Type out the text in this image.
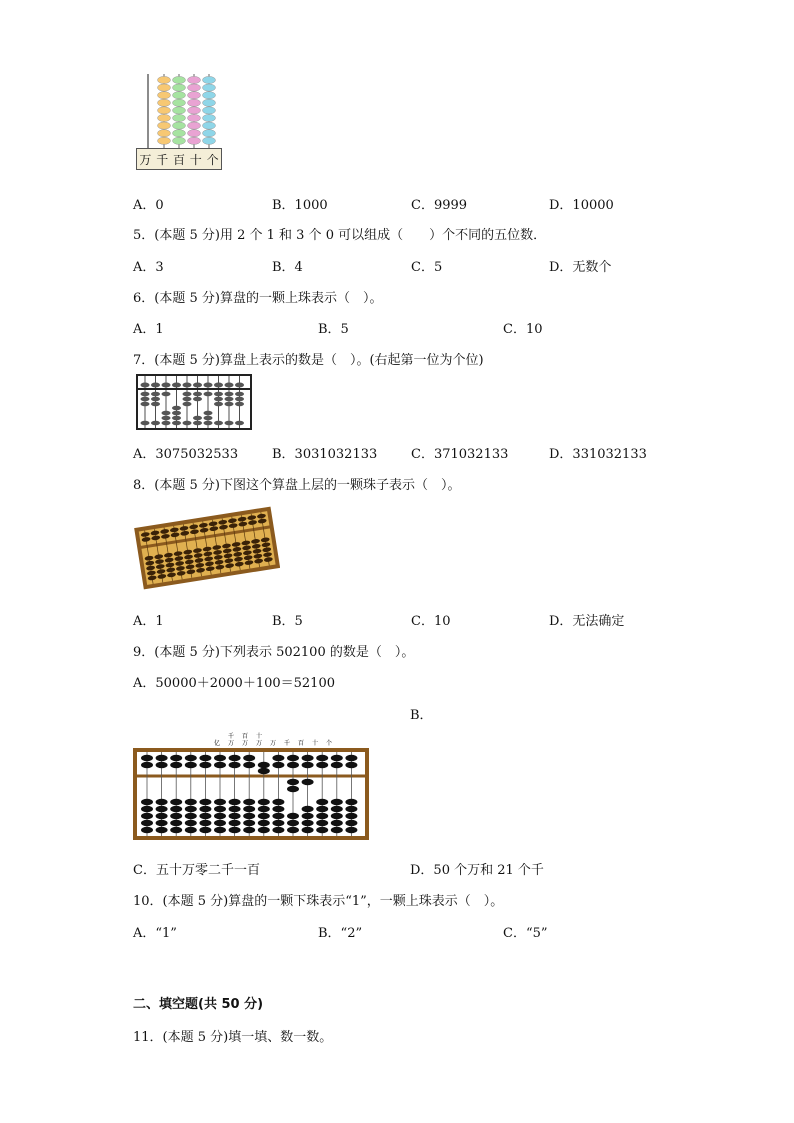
万 千 百 十 个
A．0	B．1000	C．9999	D．10000
5．(本题 5 分)用 2 个 1 和 3 个 0 可以组成（　　）个不同的五位数．
A．3	B．4	C．5	D．无数个
6．(本题 5 分)算盘的一颗上珠表示（　）。
A．1	B．5	C．10
7．(本题 5 分)算盘上表示的数是（　）。(右起第一位为个位)
A．3075032533	B．3031032133	C．371032133	D．331032133
8．(本题 5 分)下图这个算盘上层的一颗珠子表示（　）。
A．1	B．5	C．10	D．无法确定
9．(本题 5 分)下列表示 502100 的数是（　）。
A．50000＋2000＋100＝52100
B．
千 百 十
万 万 万
亿	万 千 百 十 个
C．五十万零二千一百	D．50 个万和 21 个千
10．(本题 5 分)算盘的一颗下珠表示“1”，一颗上珠表示（　）。
A．“1”	B．“2”	C．“5”
二、填空题(共 50 分)
11．(本题 5 分)填一填、数一数。
